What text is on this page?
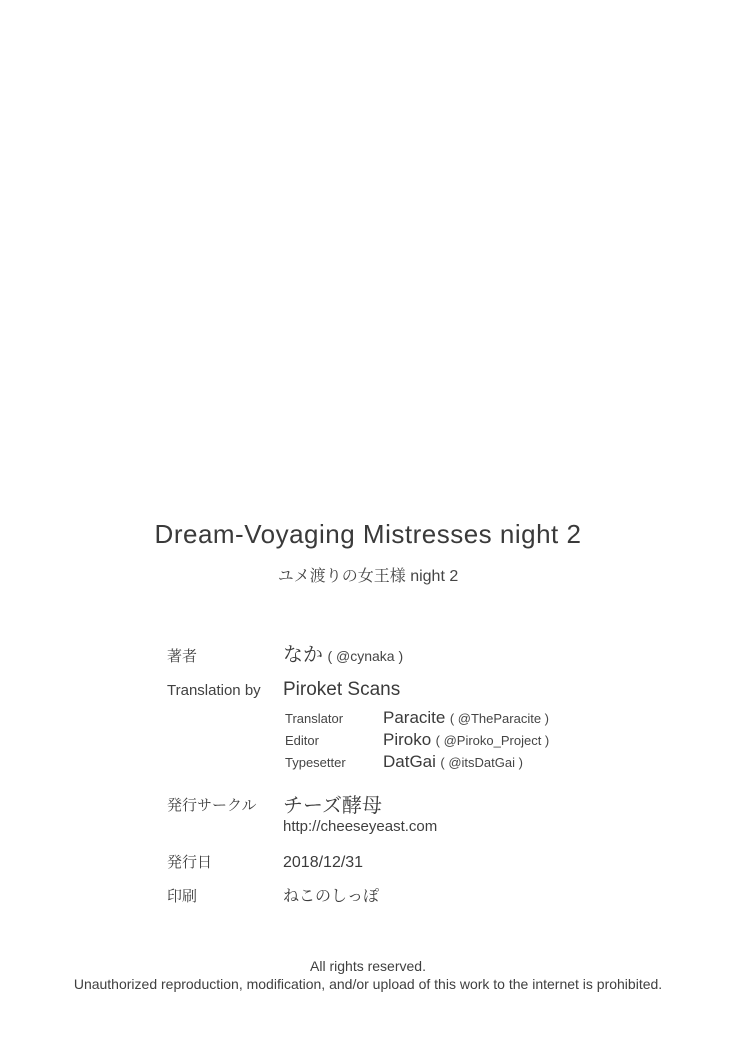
Dream-Voyaging Mistresses night 2
ユメ渡りの女王様 night 2
著者	なか ( @cynaka )
Translation by Piroket Scans
Translator Paracite ( @TheParacite )
Editor	Piroko ( @Piroko_Project )
Typesetter DatGai ( @itsDatGai )
発行サークル チーズ酵母
http://cheeseyeast.com
発行日	2018/12/31
印刷	ねこのしっぽ
All rights reserved.
Unauthorized reproduction, modification, and/or upload of this work to the internet is prohibited.
